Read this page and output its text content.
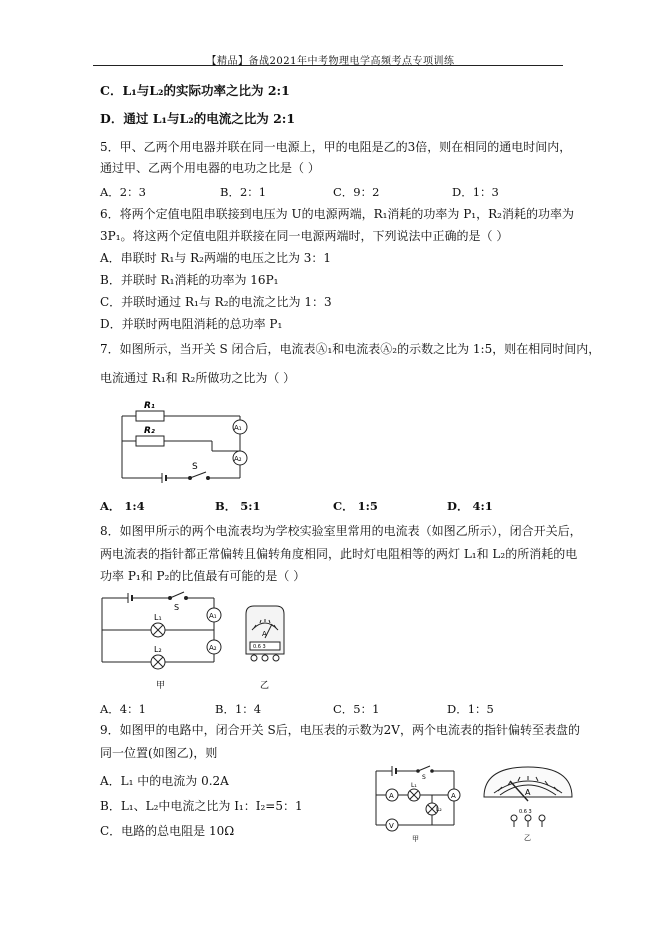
【精品】备战2021年中考物理电学高频考点专项训练
C．L₁与L₂的实际功率之比为 2:1
D．通过 L₁与L₂的电流之比为 2:1
5．甲、乙两个用电器并联在同一电源上，甲的电阻是乙的3倍，则在相同的通电时间内，
通过甲、乙两个用电器的电功之比是（ ）
A．2：3	B．2：1	C．9：2	D．1：3
6．将两个定值电阻串联接到电压为 U的电源两端，R₁消耗的功率为 P₁，R₂消耗的功率为
3P₁。将这两个定值电阻并联接在同一电源两端时，下列说法中正确的是（ ）
A．串联时 R₁与 R₂两端的电压之比为 3：1
B．并联时 R₁消耗的功率为 16P₁
C．并联时通过 R₁与 R₂的电流之比为 1：3
D．并联时两电阻消耗的总功率 P₁
7．如图所示，当开关 S 闭合后，电流表Ⓐ₁和电流表Ⓐ₂的示数之比为 1:5，则在相同时间内，
电流通过 R₁和 R₂所做功之比为（ ）
R₁
R₂	A₁
A₂
S
A． 1:4	B． 5:1	C． 1:5	D． 4:1
8．如图甲所示的两个电流表均为学校实验室里常用的电流表（如图乙所示），闭合开关后，
两电流表的指针都正常偏转且偏转角度相同，此时灯电阻相等的两灯 L₁和 L₂的所消耗的电
功率 P₁和 P₂的比值最有可能的是（ ）
L₁
L₂
S
A₁
A₂
甲
A
0.6 3
乙
A．4：1	B．1：4	C．5：1	D．1：5
9．如图甲的电路中，闭合开关 S后，电压表的示数为2V，两个电流表的指针偏转至表盘的
同一位置(如图乙)，则
A．L₁ 中的电流为 0.2A
B．L₁、L₂中电流之比为 I₁：I₂=5：1
C．电路的总电阻是 10Ω
S
L₁
L₂
A	A
V
甲
A
0.6 3
乙
